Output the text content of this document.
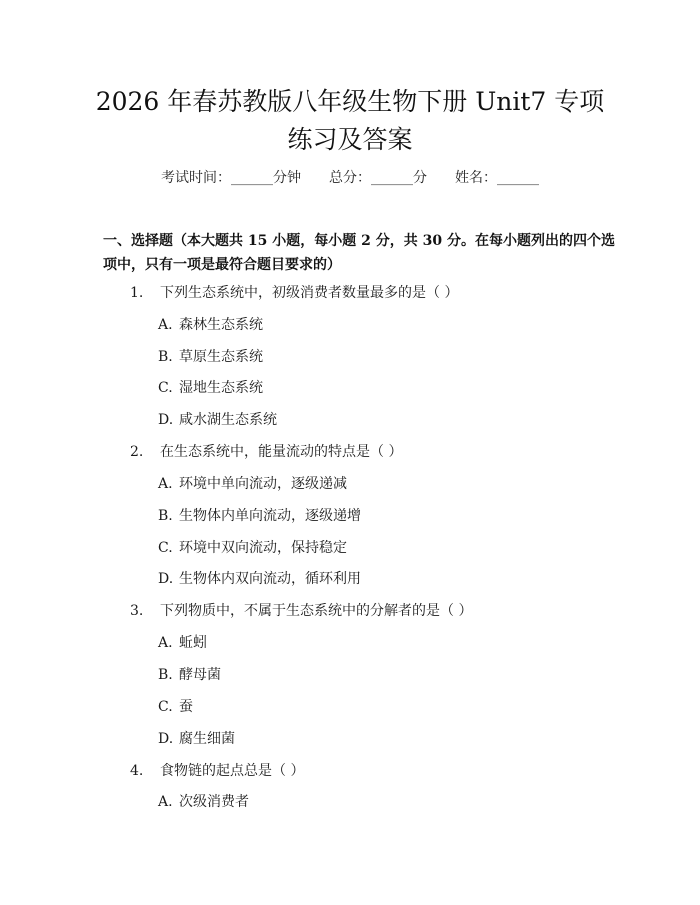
2026 年春苏教版八年级生物下册 Unit7 专项
练习及答案
考试时间：______分钟 总分：______分 姓名：______
一、选择题（本大题共 15 小题，每小题 2 分，共 30 分。在每小题列出的四个选
项中，只有一项是最符合题目要求的）
1. 下列生态系统中，初级消费者数量最多的是（ ）
A. 森林生态系统
B. 草原生态系统
C. 湿地生态系统
D. 咸水湖生态系统
2. 在生态系统中，能量流动的特点是（ ）
A. 环境中单向流动，逐级递减
B. 生物体内单向流动，逐级递增
C. 环境中双向流动，保持稳定
D. 生物体内双向流动，循环利用
3. 下列物质中，不属于生态系统中的分解者的是（ ）
A. 蚯蚓
B. 酵母菌
C. 蚕
D. 腐生细菌
4. 食物链的起点总是（ ）
A. 次级消费者
